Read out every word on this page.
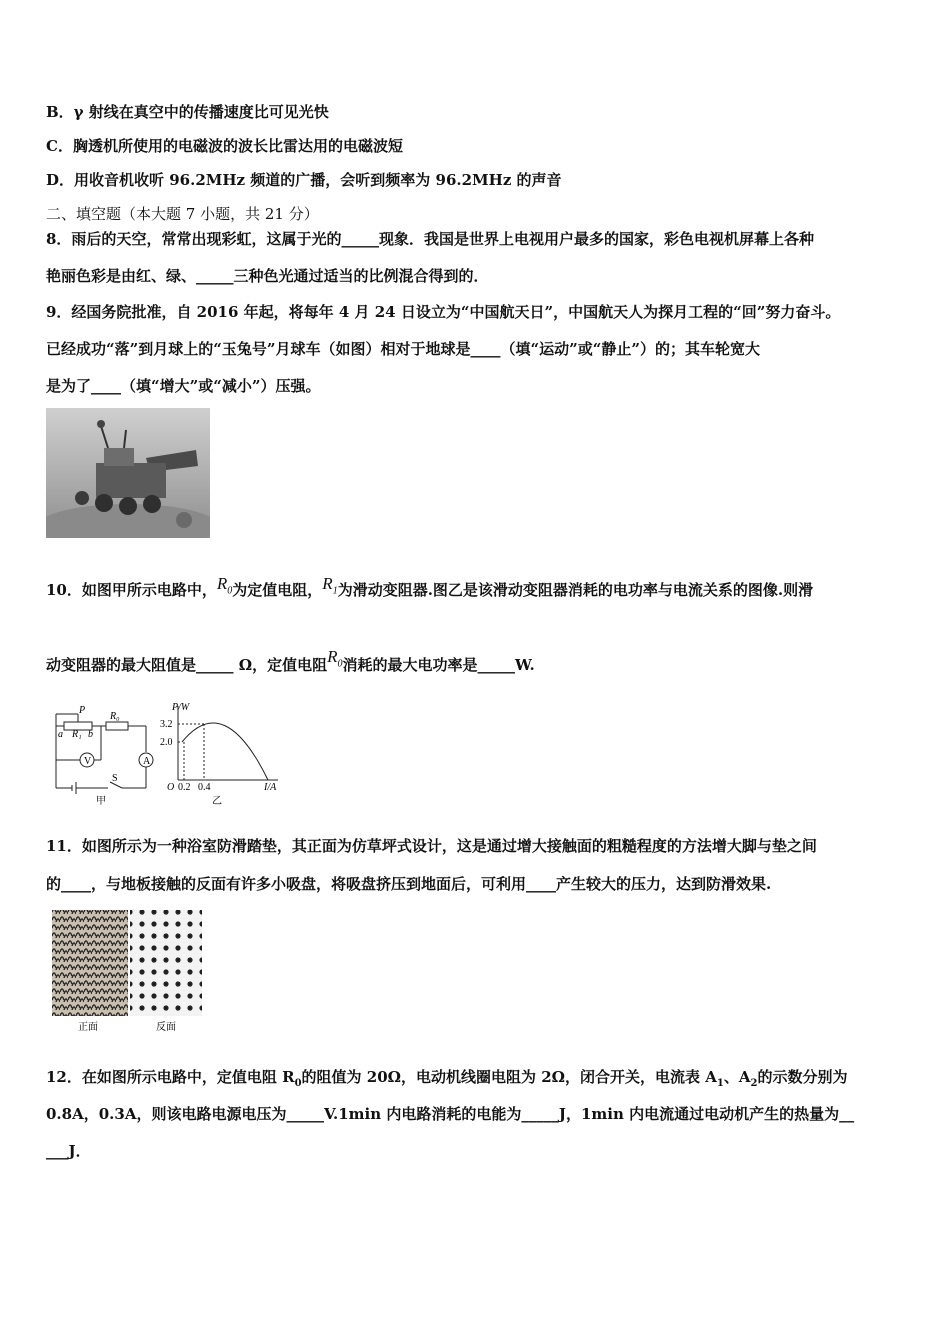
B．γ 射线在真空中的传播速度比可见光快
C．胸透机所使用的电磁波的波长比雷达用的电磁波短
D．用收音机收听 96.2MHz 频道的广播，会听到频率为 96.2MHz 的声音
二、填空题（本大题 7 小题，共 21 分）
8．雨后的天空，常常出现彩虹，这属于光的_____现象．我国是世界上电视用户最多的国家，彩色电视机屏幕上各种
艳丽色彩是由红、绿、_____三种色光通过适当的比例混合得到的．
9．经国务院批准，自 2016 年起，将每年 4 月 24 日设立为“中国航天日”，中国航天人为探月工程的“回”努力奋斗。
已经成功“落”到月球上的“玉兔号”月球车（如图）相对于地球是____（填“运动”或“静止”）的；其车轮宽大
是为了____（填“增大”或“减小”）压强。
10．如图甲所示电路中，$R_0$为定值电阻，$R_1$为滑动变阻器.图乙是该滑动变阻器消耗的电功率与电流关系的图像.则滑
动变阻器的最大阻值是_____ Ω，定值电阻$R_0$消耗的最大电功率是_____W.
P
R₀
a R₁ b
V	A
S
甲
P/W
3.2
2.0
O 0.2 0.4	I/A
乙
11．如图所示为一种浴室防滑踏垫，其正面为仿草坪式设计，这是通过增大接触面的粗糙程度的方法增大脚与垫之间
的____，与地板接触的反面有许多小吸盘，将吸盘挤压到地面后，可利用____产生较大的压力，达到防滑效果.
正面	反面
12．在如图所示电路中，定值电阻 $R_0$的阻值为 20Ω，电动机线圈电阻为 2Ω，闭合开关，电流表 $A_1$、$A_2$的示数分别为
0.8A，0.3A，则该电路电源电压为_____V.1min 内电路消耗的电能为_____J，1min 内电流通过电动机产生的热量为__
___J．
